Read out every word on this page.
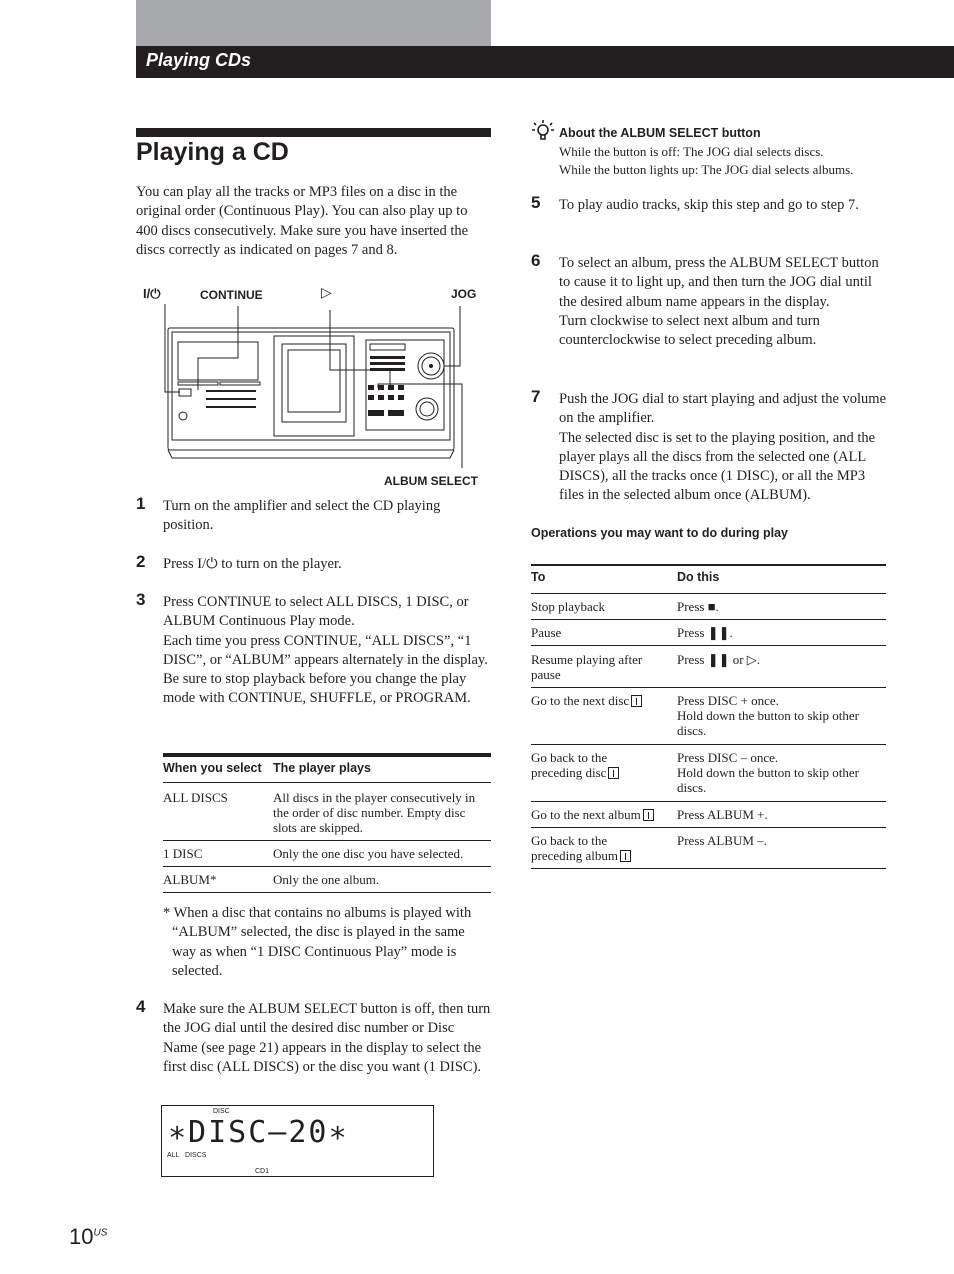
Playing CDs
Playing a CD
You can play all the tracks or MP3 files on a disc in the original order (Continuous Play). You can also play up to 400 discs consecutively. Make sure you have inserted the discs correctly as indicated on pages 7 and 8.
I/⏻	CONTINUE	▷	JOG
ALBUM SELECT
1 Turn on the amplifier and select the CD playing position.
2 Press I/⏻ to turn on the player.
3 Press CONTINUE to select ALL DISCS, 1 DISC, or ALBUM Continuous Play mode.
Each time you press CONTINUE, “ALL DISCS”, “1 DISC”, or “ALBUM” appears alternately in the display.
Be sure to stop playback before you change the play mode with CONTINUE, SHUFFLE, or PROGRAM.
When you select	The player plays
ALL DISCS	All discs in the player consecutively in the order of disc number. Empty disc slots are skipped.
1 DISC	Only the one disc you have selected.
ALBUM*	Only the one album.
* When a disc that contains no albums is played with “ALBUM” selected, the disc is played in the same way as when “1 DISC Continuous Play” mode is selected.
4 Make sure the ALBUM SELECT button is off, then turn the JOG dial until the desired disc number or Disc Name (see page 21) appears in the display to select the first disc (ALL DISCS) or the disc you want (1 DISC).
DISC
∗DISC–20∗
ALL   DISCS
CD1
About the ALBUM SELECT button
While the button is off: The JOG dial selects discs.
While the button lights up: The JOG dial selects albums.
5 To play audio tracks, skip this step and go to step 7.
6 To select an album, press the ALBUM SELECT button to cause it to light up, and then turn the JOG dial until the desired album name appears in the display.
Turn clockwise to select next album and turn counterclockwise to select preceding album.
7 Push the JOG dial to start playing and adjust the volume on the amplifier.
The selected disc is set to the playing position, and the player plays all the discs from the selected one (ALL DISCS), all the tracks once (1 DISC), or all the MP3 files in the selected album once (ALBUM).
Operations you may want to do during play
To	Do this
Stop playback	Press ■.
Pause	Press ❚❚.
Resume playing after pause	Press ❚❚ or ▷.
Go to the next disc	Press DISC + once.
Hold down the button to skip other discs.

Go back to the preceding disc	Press DISC – once.
Hold down the button to skip other discs.

Go to the next album	Press ALBUM +.
Go back to the preceding album	Press ALBUM –.
$10^{US}$
